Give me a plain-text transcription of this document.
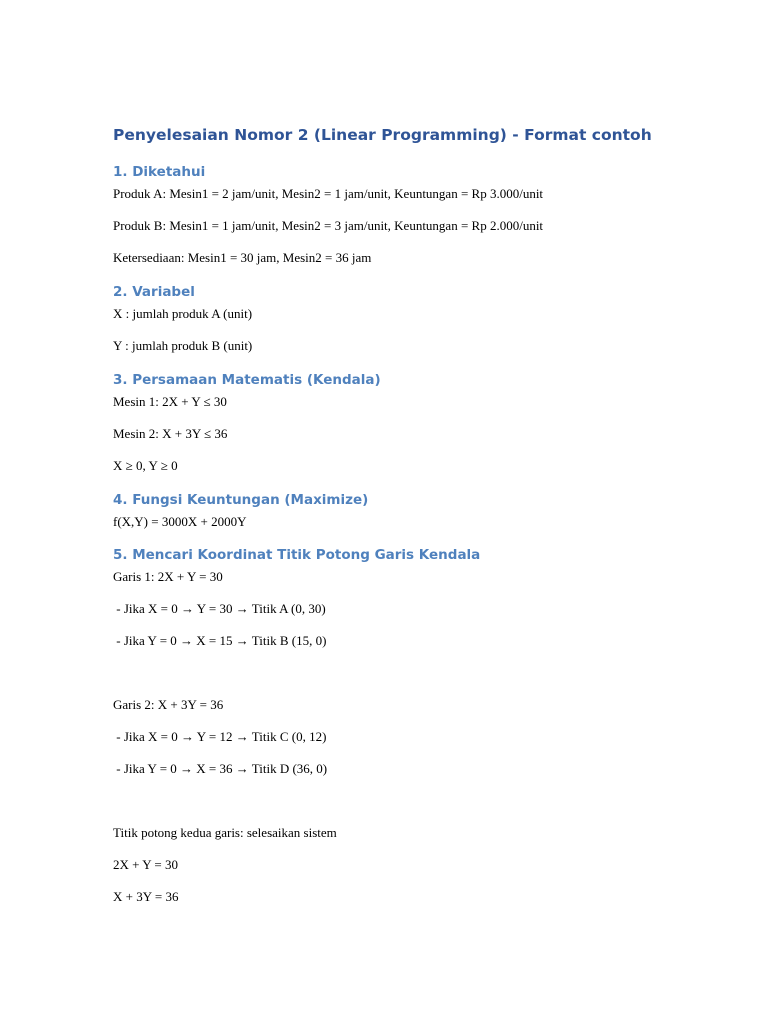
Penyelesaian Nomor 2 (Linear Programming) - Format contoh
1. Diketahui

Produk A: Mesin1 = 2 jam/unit, Mesin2 = 1 jam/unit, Keuntungan = Rp 3.000/unit

Produk B: Mesin1 = 1 jam/unit, Mesin2 = 3 jam/unit, Keuntungan = Rp 2.000/unit

Ketersediaan: Mesin1 = 30 jam, Mesin2 = 36 jam

2. Variabel

X : jumlah produk A (unit)

Y : jumlah produk B (unit)

3. Persamaan Matematis (Kendala)

Mesin 1: 2X + Y ≤ 30

Mesin 2: X + 3Y ≤ 36

X ≥ 0, Y ≥ 0

4. Fungsi Keuntungan (Maximize)

f(X,Y) = 3000X + 2000Y

5. Mencari Koordinat Titik Potong Garis Kendala

Garis 1: 2X + Y = 30

- Jika X = 0 → Y = 30 → Titik A (0, 30)

- Jika Y = 0 → X = 15 → Titik B (15, 0)

Garis 2: X + 3Y = 36

- Jika X = 0 → Y = 12 → Titik C (0, 12)

- Jika Y = 0 → X = 36 → Titik D (36, 0)

Titik potong kedua garis: selesaikan sistem

2X + Y = 30

X + 3Y = 36
